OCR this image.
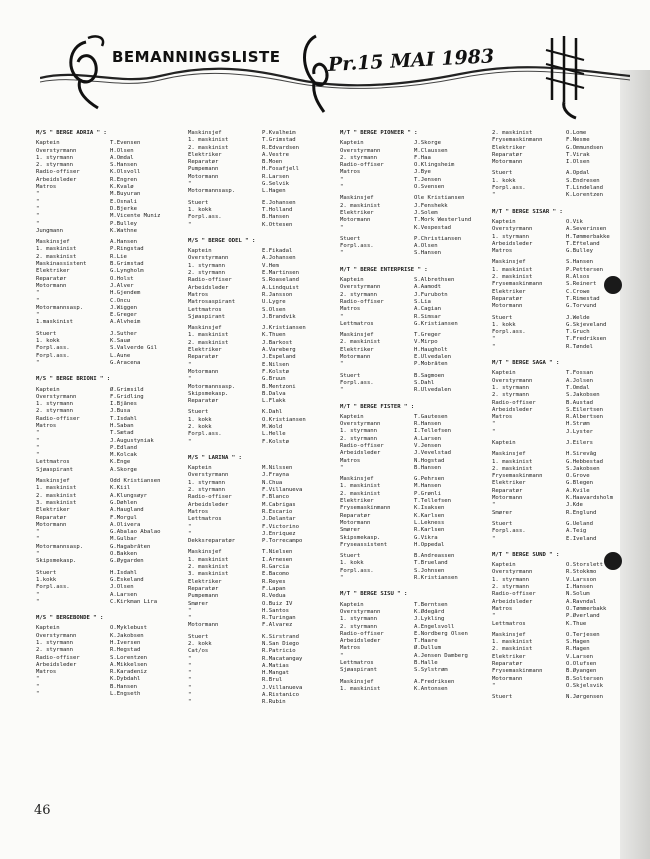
BEMANNINGSLISTE Pr.15 MAI 1983
M/S " BERGE ADRIA " :
Kaptein	T.Evensen
Overstyrmann	H.Olsen
1. styrmann	A.Omdal
2. styrmann	S.Hansen
Radio-offiser	K.Olsvoll
Arbeidsleder	R.Engren
Matros	K.Kvalø
"	M.Buyuran
"	E.Osnali
"	D.Bjerke
"	M.Vicente Muniz
"	P.Bulley
Jungmann	K.Wathne
Maskinsjef	A.Hansen
1. maskinist	P.Ringstad
2. maskinist	R.Lie
Maskinassistent	B.Grimstad
Elektriker	G.Lyngholm
Reparatør	O.Holst
Motormann	J.Alver
"	H.Gjendem
"	C.Oncu
Motormannsasp.	J.Wiggen
"	E.Greger
1.maskinist	A.Alvheim
Stuert	J.Suther
1. kokk	K.Sauø
Forpl.ass.	S.Valverde Gil
Forpl.ass.	L.Aune
"	G.Aracena
M/S " BERGE BRIONI " :
Kaptein	Ø.Grimsild
Overstyrmann	F.Gridling
1. styrmann	I.Bjånes
2. styrmann	J.Busa
Radio-offiser	T.Isdahl
Matros	H.Saban
"	T.Sætad
"	J.Augustyniak
"	P.Edland
"	M.Kolcak
Lettmatros	K.Enge
Sjøaspirant	A.Skorge
Maskinsjef	Odd Kristiansen
1. maskinist	K.Kiil
2. maskinist	A.Klungsøyr
3. maskinist	G.Døhlen
Elektriker	A.Haugland
Reparatør	F.Morgul
Motormann	A.Olivera
"	G.Abalao Abalao
"	M.Gulbar
Motormannsasp.	G.Hagabråten
"	O.Bakken
Skipsmekasp.	G.Øygarden
Stuert	H.Isdahl
1.kokk	G.Eskeland
Forpl.ass.	J.Olsen
"	A.Larsen
"	C.Kirkman Lira
M/S " BERGEBONDE " :
Kaptein	O.Myklebust
Overstyrmann	K.Jakobsen
1. styrmann	H.Iversen
2. styrmann	R.Hegstad
Radio-offiser	S.Lorentzen
Arbeidsleder	A.Mikkelsen
Matros	R.Karadeniz
"	K.Dybdahl
"	B.Hansen
"	L.Engseth
Maskinsjef	P.Kvalheim
1. maskinist	T.Grimstad
2. maskinist	R.Edvardsen
Elektriker	A.Vestre
Reparatør	B.Moen
Pumpemann	H.Fosafjell
Motormann	R.Larsen
"	G.Selvik
Motormannsasp.	L.Hagen
Stuert	E.Johansen
1. kokk	T.Holland
Forpl.ass.	B.Hansen
"	K.Ottesen
M/S " BERGE ODEL " :
Kaptein	E.Fikadal
Overstyrmann	A.Johansen
1. styrmann	V.Hem
2. styrmann	E.Martinsen
Radio-offiser	S.Roaseland
Arbeidsleder	A.Lindquist
Matros	R.Jansson
Matrosaspirant	U.Lygre
Lettmatros	S.Olsen
Sjøaspirant	J.Brandvik
Maskinsjef	J.Kristiansen
1. maskinist	K.Thuen
2. maskinist	J.Barkost
Elektriker	A.Vareberg
Reparatør	J.Espeland
"	E.Nilsen
Motormann	F.Kolstø
"	G.Bruun
Motormannsasp.	B.Mentzoni
Skipsmekasp.	B.Dalva
Reparatør	L.Flakk
Stuert	K.Dahl
1. kokk	O.Kristiansen
2. kokk	M.Wold
Forpl.ass.	L.Helle
"	F.Kolstø
M/S " LARINA " :
Kaptein	M.Nilssen
Overstyrmann	J.Frayna
1. styrmann	N.Chua
2. styrmann	F.Villanueva
Radio-offiser	F.Blanco
Arbeidsleder	M.Cabrigas
Matros	R.Escario
Lettmatros	J.Delantar
"	F.Victorino
"	J.Enriquez
Dekksreparatør	P.Torrecampo
Maskinsjef	T.Nielsen
1. maskinist	I.Arnesen
2. maskinist	R.Garcia
3. maskinist	E.Bacomo
Elektriker	R.Reyes
Reparatør	F.Lapan
Pumpemann	R.Vedua
Smører	O.Buiz IV
"	H.Santos
"	R.Turingan
Motormann	F.Alvarez
Stuert	K.Sirstrand
2. kokk	N.San Diego
Cat/os	R.Patricio
"	R.Macatangay
"	A.Matias
"	H.Mangat
"	R.Brul
"	J.Villanueva
"	A.Ristanico
"	R.Rubin
M/T " BERGE PIONEER " :
Kaptein	J.Skorge
Overstyrmann	M.Claussen
2. styrmann	F.Haa
Radio-offiser	O.Klingsheim
Matros	J.Bye
"	T.Jensen
"	O.Svensen
Maskinsjef	Ole Kristiansen
2. maskinist	J.Fenshekk
Elektriker	J.Solem
Motormann	T.Mork Westerlund
"	K.Vespestad
Stuert	P.Christiansen
Forpl.ass.	A.Olsen
"	S.Hansen
M/T " BERGE ENTERPRISE " :
Kaptein	S.Albrethsen
Overstyrmann	A.Aamodt
2. styrmann	J.Furubotn
Radio-offiser	S.Lia
Matros	A.Cagian
"	R.Simsar
Lettmatros	G.Kristiansen
Maskinsjef	T.Greger
2. maskinist	V.Mirpo
Elektriker	H.Haugholt
Motormann	E.Ulvedalen
"	P.Mobråten
Stuert	B.Sagmoen
Forpl.ass.	S.Dahl
"	R.Ulvedalen
M/T " BERGE FISTER " :
Kaptein	T.Gautesen
Overstyrmann	R.Hansen
1. styrmann	I.Tellefsen
2. styrmann	A.Larsen
Radio-offiser	V.Jensen
Arbeidsleder	J.Vevelstad
Matros	N.Hogstad
"	B.Hansen
Maskinsjef	G.Pehrsen
1. maskinist	M.Hansen
2. maskinist	P.Grønli
Elektriker	T.Tellefsen
Frysemaskinmann	K.Isaksen
Reparatør	K.Karlsen
Motormann	L.Lekness
Smører	R.Karlsen
Skipsmekasp.	G.Vikra
Fryseassistent	H.Oppedal
Stuert	B.Andreassen
1. kokk	T.Brueland
Forpl.ass.	S.Johnsen
"	R.Kristiansen
M/T " BERGE SISU " :
Kaptein	T.Berntsen
Overstyrmann	K.Ødegård
1. styrmann	J.Lykling
2. styrmann	A.Engelsvoll
Radio-offiser	E.Nordberg Olsen
Arbeidsleder	T.Haare
Matros	Ø.Dullum
"	A.Jensen Damberg
Lettmatros	B.Halle
Sjøaspirant	S.Sylstrøm
Maskinsjef	A.Fredriksen
1. maskinist	K.Antonsen
2. maskinist	O.Lome
Frysemaskinmann	F.Nesme
Elektriker	G.Ommundsen
Reparatør	T.Virak
Motormann	I.Olsen
Stuert	A.Opdal
1. kokk	S.Endresen
Forpl.ass.	T.Lindeland
"	K.Lorentzen
M/T " BERGE SISAR " :
Kaptein	O.Vik
Overstyrmann	A.Severinsen
1. styrmann	H.Tømmerbakke
Arbeidsleder	T.Efteland
Matros	G.Bulley
Maskinsjef	S.Hansen
1. maskinist	P.Pettersen
2. maskinist	R.Alsos
Frysemaskinmann	S.Reinert
Elektriker	C.Crowe
Reparatør	T.Rimestad
Motormann	G.Torvund
Stuert	J.Welde
1. kokk	G.Skjeveland
Forpl.ass.	T.Gruch
"	T.Fredriksen
"	R.Tøndel
M/T " BERGE SAGA " :
Kaptein	T.Fossan
Overstyrmann	A.Jolsen
1. styrmann	T.Omdal
2. styrmann	S.Jakobsen
Radio-offiser	B.Austad
Arbeidsleder	S.Eilertsen
Matros	R.Albertsen
"	H.Strøm
"	J.Lyster
Kaptein	J.Eilers
Maskinsjef	H.Sirevåg
1. maskinist	G.Hebbestad
2. maskinist	S.Jakobsen
Frysemaskinmann	O.Grove
Elektriker	G.Blegen
Reparatør	A.Kvile
Motormann	K.Haavardsholm
"	J.Kde
Smører	R.Englund
Stuert	G.Ueland
Forpl.ass.	A.Teig
"	E.Iveland
M/T " BERGE SUND " :
Kaptein	O.Storslett
Overstyrmann	R.Stokkmo
1. styrmann	V.Larsson
2. styrmann	I.Hansen
Radio-offiser	N.Solum
Arbeidsleder	A.Ravndal
Matros	O.Tømmerbakk
"	P.Øverland
Lettmatros	K.Thue
Maskinsjef	O.Terjesen
1. maskinist	S.Hagen
2. maskinist	R.Hagen
Elektriker	V.Larsen
Reparatør	O.Olufsen
Frysemaskinmann	B.Øyangen
Motormann	B.Soltersen
"	O.Skjelsvik
Stuert	N.Jørgensen
46
